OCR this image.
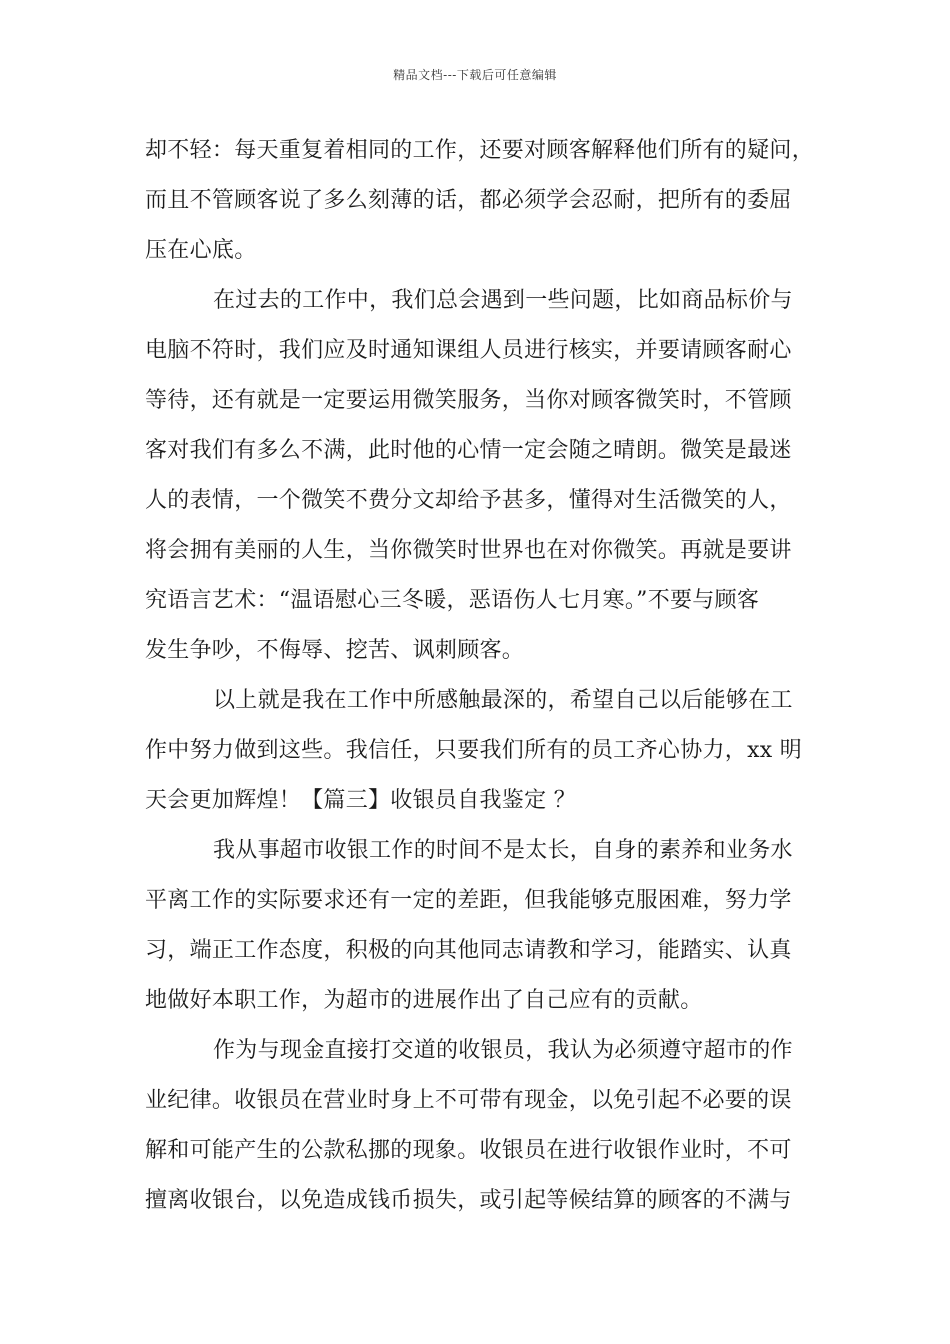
精品文档---下载后可任意编辑
却不轻：每天重复着相同的工作，还要对顾客解释他们所有的疑问，
而且不管顾客说了多么刻薄的话，都必须学会忍耐，把所有的委屈
压在心底。
在过去的工作中，我们总会遇到一些问题，比如商品标价与
电脑不符时，我们应及时通知课组人员进行核实，并要请顾客耐心
等待，还有就是一定要运用微笑服务，当你对顾客微笑时，不管顾
客对我们有多么不满，此时他的心情一定会随之晴朗。微笑是最迷
人的表情，一个微笑不费分文却给予甚多，懂得对生活微笑的人，
将会拥有美丽的人生，当你微笑时世界也在对你微笑。再就是要讲
究语言艺术：“温语慰心三冬暖，恶语伤人七月寒。”不要与顾客
发生争吵，不侮辱、挖苦、讽刺顾客。
以上就是我在工作中所感触最深的，希望自己以后能够在工
作中努力做到这些。我信任，只要我们所有的员工齐心协力，xx 明
天会更加辉煌！【篇三】收银员自我鉴定 ？
我从事超市收银工作的时间不是太长，自身的素养和业务水
平离工作的实际要求还有一定的差距，但我能够克服困难，努力学
习，端正工作态度，积极的向其他同志请教和学习，能踏实、认真
地做好本职工作，为超市的进展作出了自己应有的贡献。
作为与现金直接打交道的收银员，我认为必须遵守超市的作
业纪律。收银员在营业时身上不可带有现金，以免引起不必要的误
解和可能产生的公款私挪的现象。收银员在进行收银作业时，不可
擅离收银台，以免造成钱币损失，或引起等候结算的顾客的不满与
